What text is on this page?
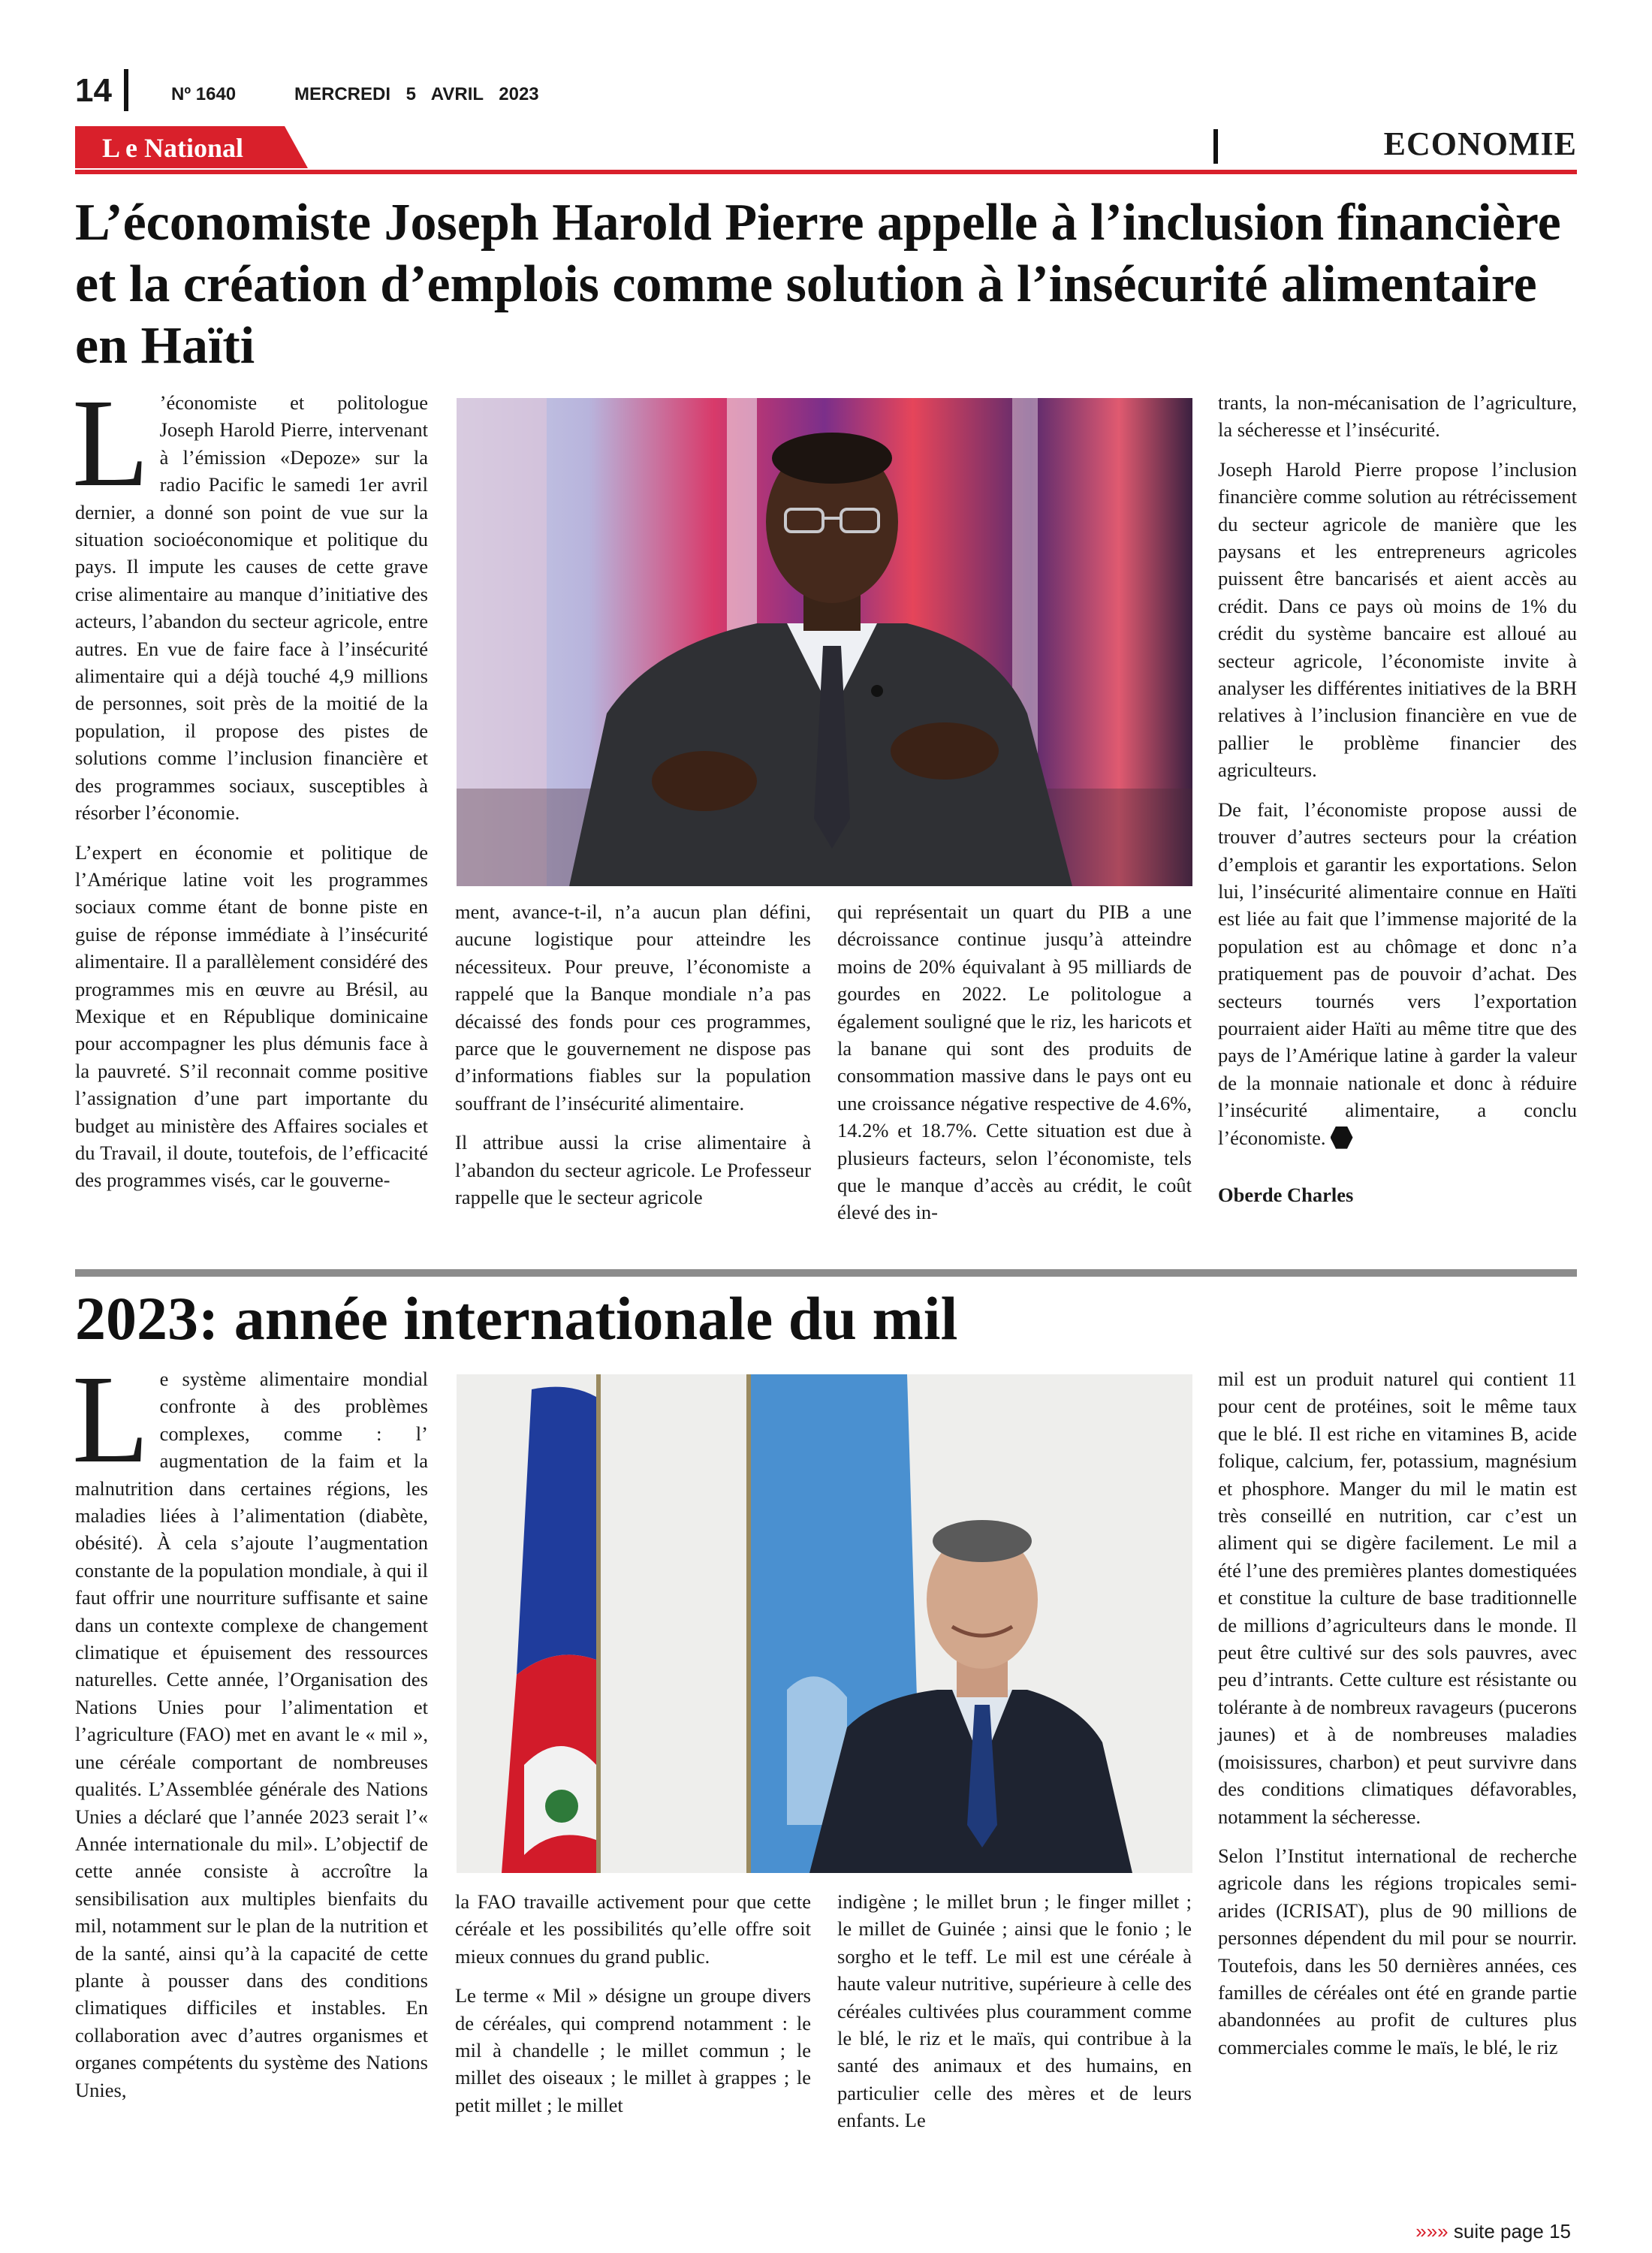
14	Nº 1640	MERCREDI 5 AVRIL 2023
L e National	ECONOMIE
L’économiste Joseph Harold Pierre appelle à l’inclusion financière et la création d’emplois comme solution à l’insécurité alimentaire en Haïti

L ’économiste et politologue Joseph Harold Pierre, intervenant à l’émission «Depoze» sur la radio Pacific le samedi 1er avril dernier, a donné son point de vue sur la situation socioéconomique et politique du pays. Il impute les causes de cette grave crise alimentaire au manque d’initiative des acteurs, l’abandon du secteur agricole, entre autres. En vue de faire face à l’insécurité alimentaire qui a déjà touché 4,9 millions de personnes, soit près de la moitié de la population, il propose des pistes de solutions comme l’inclusion financière et des programmes sociaux, susceptibles à résorber l’économie.

L’expert en économie et politique de l’Amérique latine voit les programmes sociaux comme étant de bonne piste en guise de réponse immédiate à l’insécurité alimentaire. Il a parallèlement considéré des programmes mis en œuvre au Brésil, au Mexique et en République dominicaine pour accompagner les plus démunis face à la pauvreté. S’il reconnait comme positive l’assignation d’une part importante du budget au ministère des Affaires sociales et du Travail, il doute, toutefois, de l’efficacité des programmes visés, car le gouverne-

ment, avance-t-il, n’a aucun plan défini, aucune logistique pour atteindre les nécessiteux. Pour preuve, l’économiste a rappelé que la Banque mondiale n’a pas décaissé des fonds pour ces programmes, parce que le gouvernement ne dispose pas d’informations fiables sur la population souffrant de l’insécurité alimentaire.

Il attribue aussi la crise alimentaire à l’abandon du secteur agricole. Le Professeur rappelle que le secteur agricole

qui représentait un quart du PIB a une décroissance continue jusqu’à atteindre moins de 20% équivalant à 95 milliards de gourdes en 2022. Le politologue a également souligné que le riz, les haricots et la banane qui sont des produits de consommation massive dans le pays ont eu une croissance négative respective de 4.6%, 14.2% et 18.7%. Cette situation est due à plusieurs facteurs, selon l’économiste, tels que le manque d’accès au crédit, le coût élevé des in-

trants, la non-mécanisation de l’agriculture, la sécheresse et l’insécurité.

Joseph Harold Pierre propose l’inclusion financière comme solution au rétrécissement du secteur agricole de manière que les paysans et les entrepreneurs agricoles puissent être bancarisés et aient accès au crédit. Dans ce pays où moins de 1% du crédit du système bancaire est alloué au secteur agricole, l’économiste invite à analyser les différentes initiatives de la BRH relatives à l’inclusion financière en vue de pallier le problème financier des agriculteurs.

De fait, l’économiste propose aussi de trouver d’autres secteurs pour la création d’emplois et garantir les exportations. Selon lui, l’insécurité alimentaire connue en Haïti est liée au fait que l’immense majorité de la population est au chômage et donc n’a pratiquement pas de pouvoir d’achat. Des secteurs tournés vers l’exportation pourraient aider Haïti au même titre que des pays de l’Amérique latine à garder la valeur de la monnaie nationale et donc à réduire l’insécurité alimentaire, a conclu l’économiste.

Oberde Charles

2023: année internationale du mil

Le système alimentaire mondial confronte à des problèmes complexes, comme : l’ augmentation de la faim et la malnutrition dans certaines régions, les maladies liées à l’alimentation (diabète, obésité). À cela s’ajoute l’augmentation constante de la population mondiale, à qui il faut offrir une nourriture suffisante et saine dans un contexte complexe de changement climatique et épuisement des ressources naturelles. Cette année, l’Organisation des Nations Unies pour l’alimentation et l’agriculture (FAO) met en avant le « mil », une céréale comportant de nombreuses qualités. L’Assemblée générale des Nations Unies a déclaré que l’année 2023 serait l’« Année internationale du mil». L’objectif de cette année consiste à accroître la sensibilisation aux multiples bienfaits du mil, notamment sur le plan de la nutrition et de la santé, ainsi qu’à la capacité de cette plante à pousser dans des conditions climatiques difficiles et instables. En collaboration avec d’autres organismes et organes compétents du système des Nations Unies,

la FAO travaille activement pour que cette céréale et les possibilités qu’elle offre soit mieux connues du grand public.

Le terme « Mil » désigne un groupe divers de céréales, qui comprend notamment : le mil à chandelle ; le millet commun ; le millet des oiseaux ; le millet à grappes ; le petit millet ; le millet

indigène ; le millet brun ; le finger millet ; le millet de Guinée ; ainsi que le fonio ; le sorgho et le teff. Le mil est une céréale à haute valeur nutritive, supérieure à celle des céréales cultivées plus couramment comme le blé, le riz et le maïs, qui contribue à la santé des animaux et des humains, en particulier celle des mères et de leurs enfants. Le

mil est un produit naturel qui contient 11 pour cent de protéines, soit le même taux que le blé. Il est riche en vitamines B, acide folique, calcium, fer, potassium, magnésium et phosphore. Manger du mil le matin est très conseillé en nutrition, car c’est un aliment qui se digère facilement. Le mil a été l’une des premières plantes domestiquées et constitue la culture de base traditionnelle de millions d’agriculteurs dans le monde. Il peut être cultivé sur des sols pauvres, avec peu d’intrants. Cette culture est résistante ou tolérante à de nombreux ravageurs (pucerons jaunes) et à de nombreuses maladies (moisissures, charbon) et peut survivre dans des conditions climatiques défavorables, notamment la sécheresse.

Selon l’Institut international de recherche agricole dans les régions tropicales semi-arides (ICRISAT), plus de 90 millions de personnes dépendent du mil pour se nourrir. Toutefois, dans les 50 dernières années, ces familles de céréales ont été en grande partie abandonnées au profit de cultures plus commerciales comme le maïs, le blé, le riz

»»» suite page 15
